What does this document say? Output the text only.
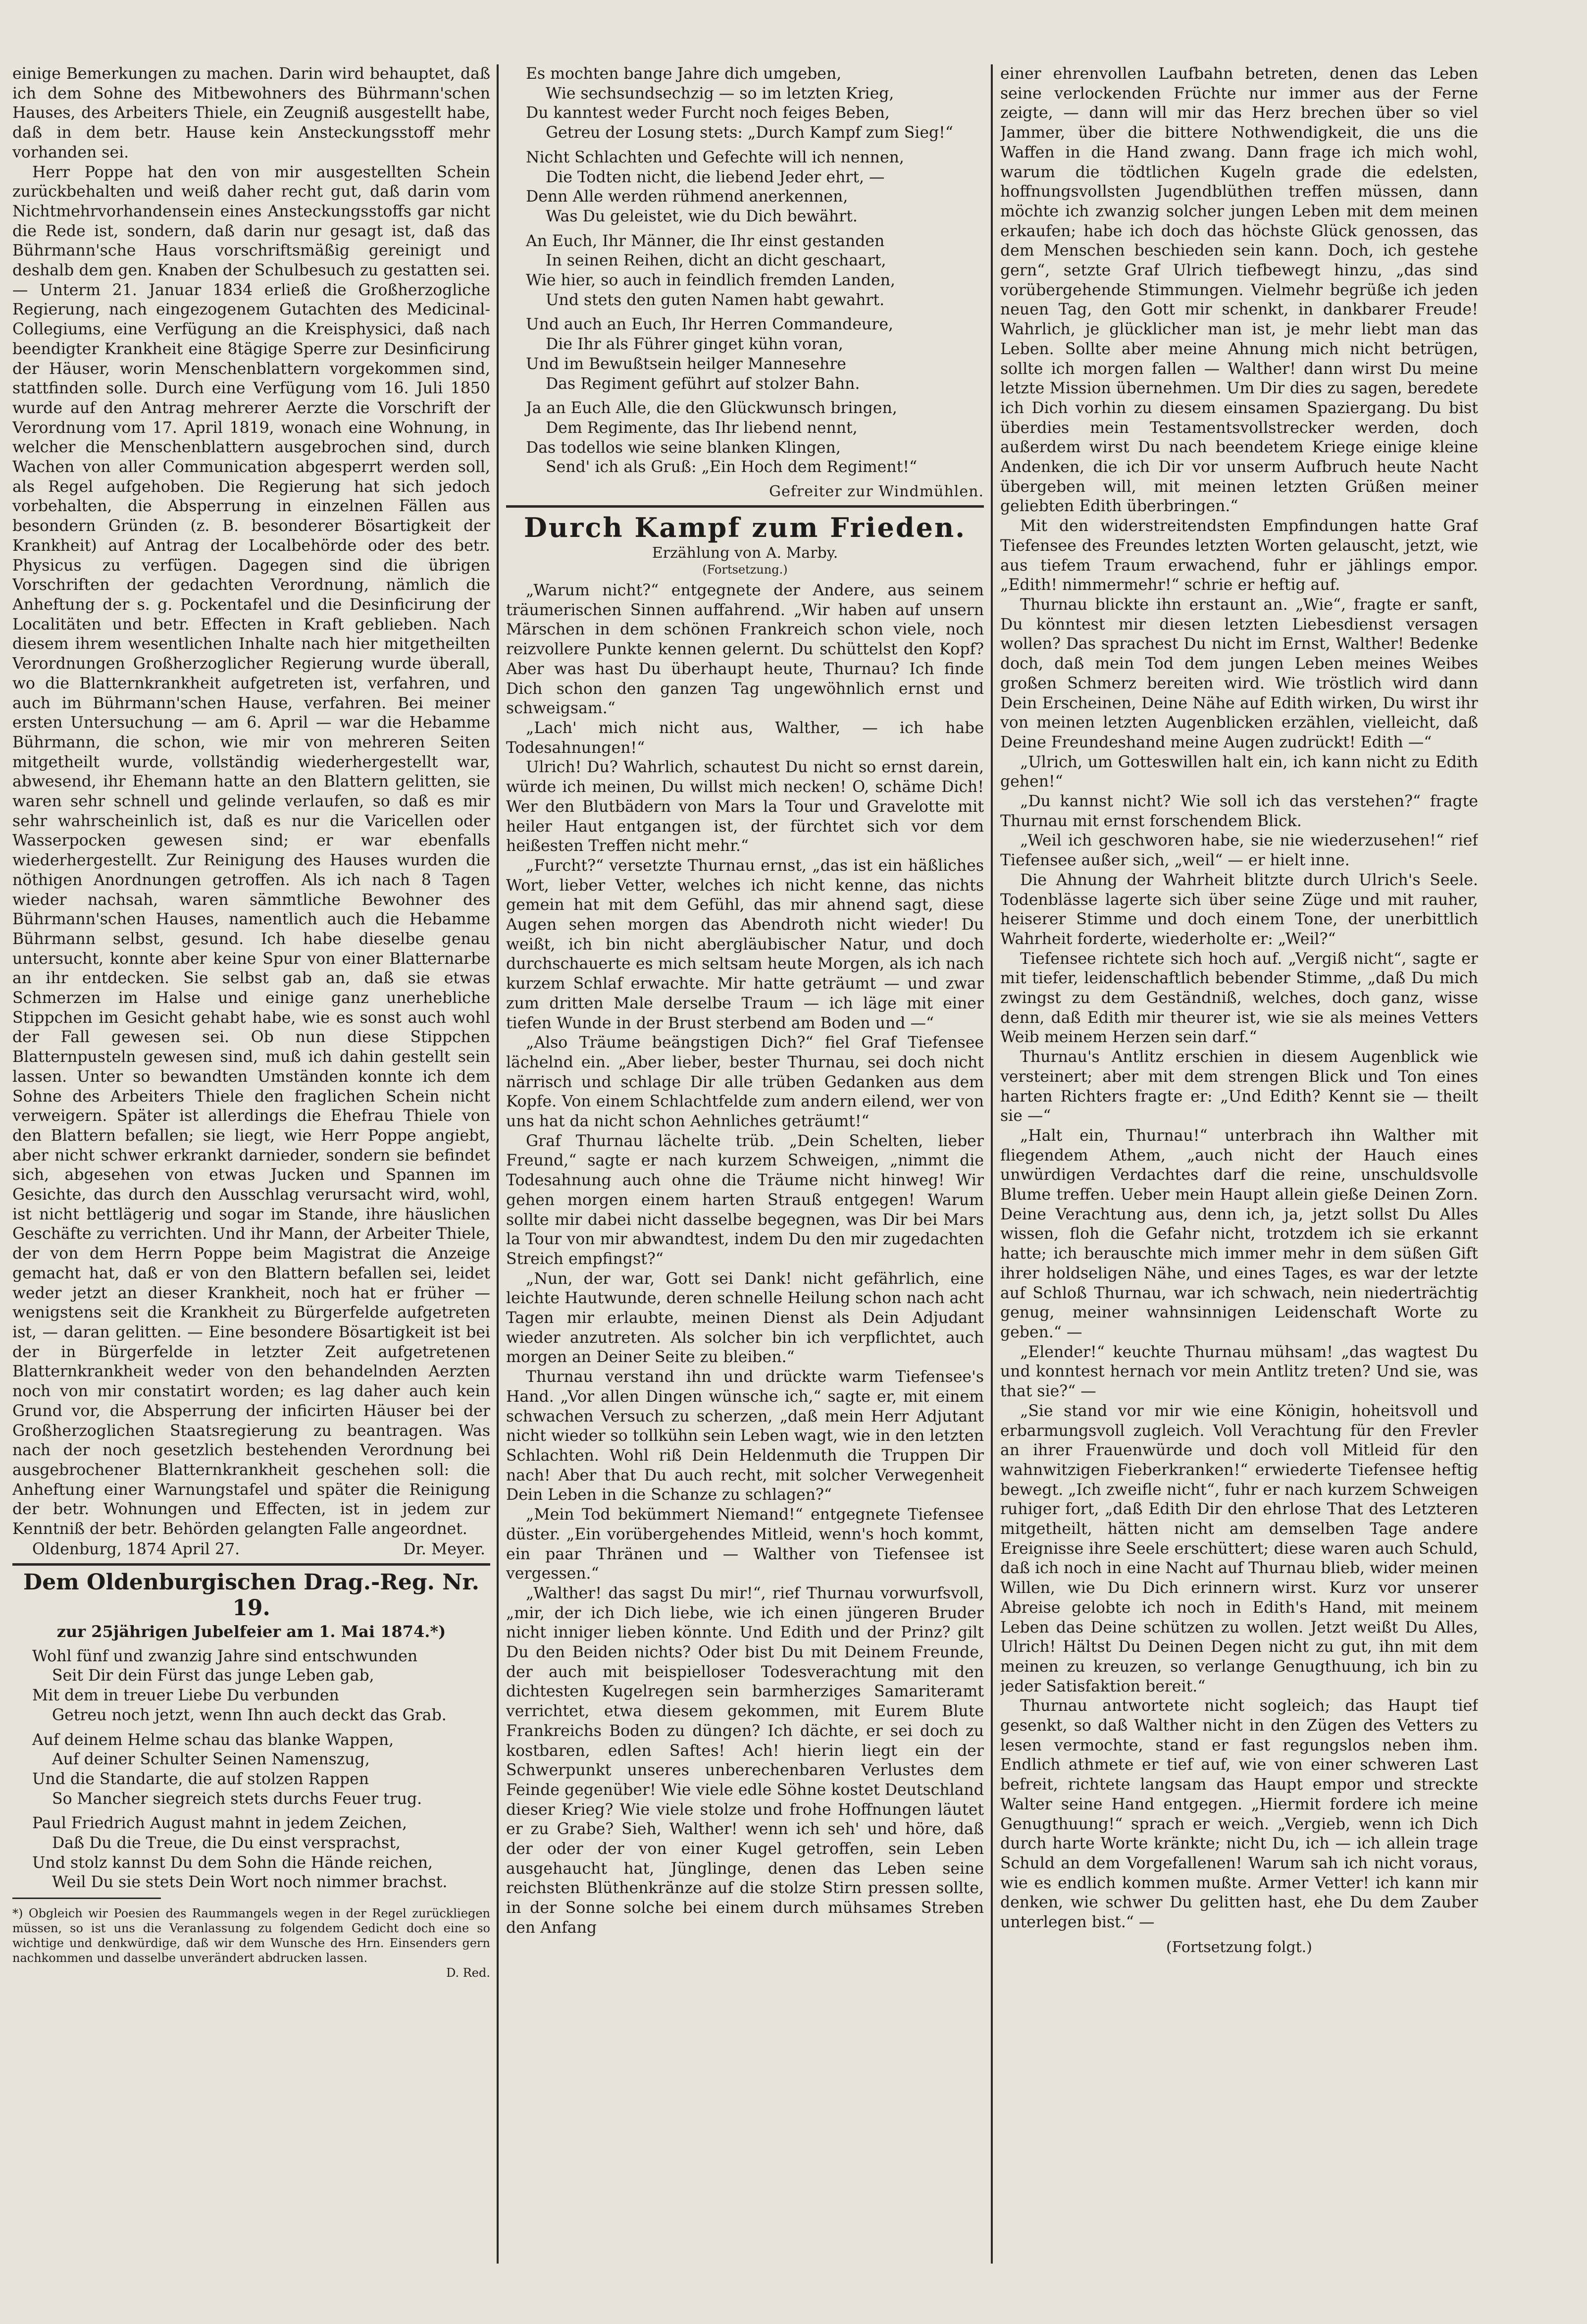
einige Bemerkungen zu machen. Darin wird behauptet, daß ich dem Sohne des Mitbewohners des Bührmann'schen Hauses, des Arbeiters Thiele, ein Zeugniß ausgestellt habe, daß in dem betr. Hause kein Ansteckungsstoff mehr vorhanden sei.

Herr Poppe hat den von mir ausgestellten Schein zurückbehalten und weiß daher recht gut, daß darin vom Nichtmehrvorhandensein eines Ansteckungsstoffs gar nicht die Rede ist, sondern, daß darin nur gesagt ist, daß das Bührmann'sche Haus vorschriftsmäßig gereinigt und deshalb dem gen. Knaben der Schulbesuch zu gestatten sei. — Unterm 21. Januar 1834 erließ die Großherzogliche Regierung, nach eingezogenem Gutachten des Medicinal-Collegiums, eine Verfügung an die Kreisphysici, daß nach beendigter Krankheit eine 8tägige Sperre zur Desinficirung der Häuser, worin Menschenblattern vorgekommen sind, stattfinden solle. Durch eine Verfügung vom 16. Juli 1850 wurde auf den Antrag mehrerer Aerzte die Vorschrift der Verordnung vom 17. April 1819, wonach eine Wohnung, in welcher die Menschenblattern ausgebrochen sind, durch Wachen von aller Communication abgesperrt werden soll, als Regel aufgehoben. Die Regierung hat sich jedoch vorbehalten, die Absperrung in einzelnen Fällen aus besondern Gründen (z. B. besonderer Bösartigkeit der Krankheit) auf Antrag der Localbehörde oder des betr. Physicus zu verfügen. Dagegen sind die übrigen Vorschriften der gedachten Verordnung, nämlich die Anheftung der s. g. Pockentafel und die Desinficirung der Localitäten und betr. Effecten in Kraft geblieben. Nach diesem ihrem wesentlichen Inhalte nach hier mitgetheilten Verordnungen Großherzoglicher Regierung wurde überall, wo die Blatternkrankheit aufgetreten ist, verfahren, und auch im Bührmann'schen Hause, verfahren. Bei meiner ersten Untersuchung — am 6. April — war die Hebamme Bührmann, die schon, wie mir von mehreren Seiten mitgetheilt wurde, vollständig wiederhergestellt war, abwesend, ihr Ehemann hatte an den Blattern gelitten, sie waren sehr schnell und gelinde verlaufen, so daß es mir sehr wahrscheinlich ist, daß es nur die Varicellen oder Wasserpocken gewesen sind; er war ebenfalls wiederhergestellt. Zur Reinigung des Hauses wurden die nöthigen Anordnungen getroffen. Als ich nach 8 Tagen wieder nachsah, waren sämmtliche Bewohner des Bührmann'schen Hauses, namentlich auch die Hebamme Bührmann selbst, gesund. Ich habe dieselbe genau untersucht, konnte aber keine Spur von einer Blatternarbe an ihr entdecken. Sie selbst gab an, daß sie etwas Schmerzen im Halse und einige ganz unerhebliche Stippchen im Gesicht gehabt habe, wie es sonst auch wohl der Fall gewesen sei. Ob nun diese Stippchen Blatternpusteln gewesen sind, muß ich dahin gestellt sein lassen. Unter so bewandten Umständen konnte ich dem Sohne des Arbeiters Thiele den fraglichen Schein nicht verweigern. Später ist allerdings die Ehefrau Thiele von den Blattern befallen; sie liegt, wie Herr Poppe angiebt, aber nicht schwer erkrankt darnieder, sondern sie befindet sich, abgesehen von etwas Jucken und Spannen im Gesichte, das durch den Ausschlag verursacht wird, wohl, ist nicht bettlägerig und sogar im Stande, ihre häuslichen Geschäfte zu verrichten. Und ihr Mann, der Arbeiter Thiele, der von dem Herrn Poppe beim Magistrat die Anzeige gemacht hat, daß er von den Blattern befallen sei, leidet weder jetzt an dieser Krankheit, noch hat er früher — wenigstens seit die Krankheit zu Bürgerfelde aufgetreten ist, — daran gelitten. — Eine besondere Bösartigkeit ist bei der in Bürgerfelde in letzter Zeit aufgetretenen Blatternkrankheit weder von den behandelnden Aerzten noch von mir constatirt worden; es lag daher auch kein Grund vor, die Absperrung der inficirten Häuser bei der Großherzoglichen Staatsregierung zu beantragen. Was nach der noch gesetzlich bestehenden Verordnung bei ausgebrochener Blatternkrankheit geschehen soll: die Anheftung einer Warnungstafel und später die Reinigung der betr. Wohnungen und Effecten, ist in jedem zur Kenntniß der betr. Behörden gelangten Falle angeordnet.

Oldenburg, 1874 April 27.	Dr. Meyer.

Dem Oldenburgischen Drag.-Reg. Nr. 19.

zur 25jährigen Jubelfeier am 1. Mai 1874.*)

Wohl fünf und zwanzig Jahre sind entschwunden

Seit Dir dein Fürst das junge Leben gab,

Mit dem in treuer Liebe Du verbunden

Getreu noch jetzt, wenn Ihn auch deckt das Grab.

Auf deinem Helme schau das blanke Wappen,

Auf deiner Schulter Seinen Namenszug,

Und die Standarte, die auf stolzen Rappen

So Mancher siegreich stets durchs Feuer trug.

Paul Friedrich August mahnt in jedem Zeichen,

Daß Du die Treue, die Du einst versprachst,

Und stolz kannst Du dem Sohn die Hände reichen,

Weil Du sie stets Dein Wort noch nimmer brachst.

*) Obgleich wir Poesien des Raummangels wegen in der Regel zurückliegen müssen, so ist uns die Veranlassung zu folgendem Gedicht doch eine so wichtige und denkwürdige, daß wir dem Wunsche des Hrn. Einsenders gern nachkommen und dasselbe unverändert abdrucken lassen.
D. Red.

Es mochten bange Jahre dich umgeben,

Wie sechsundsechzig — so im letzten Krieg,

Du kanntest weder Furcht noch feiges Beben,

Getreu der Losung stets: „Durch Kampf zum Sieg!“

Nicht Schlachten und Gefechte will ich nennen,

Die Todten nicht, die liebend Jeder ehrt, —

Denn Alle werden rühmend anerkennen,

Was Du geleistet, wie du Dich bewährt.

An Euch, Ihr Männer, die Ihr einst gestanden

In seinen Reihen, dicht an dicht geschaart,

Wie hier, so auch in feindlich fremden Landen,

Und stets den guten Namen habt gewahrt.

Und auch an Euch, Ihr Herren Commandeure,

Die Ihr als Führer ginget kühn voran,

Und im Bewußtsein heilger Mannesehre

Das Regiment geführt auf stolzer Bahn.

Ja an Euch Alle, die den Glückwunsch bringen,

Dem Regimente, das Ihr liebend nennt,

Das todellos wie seine blanken Klingen,

Send' ich als Gruß: „Ein Hoch dem Regiment!“

Gefreiter zur Windmühlen.

Durch Kampf zum Frieden.

Erzählung von A. Marby.

(Fortsetzung.)

„Warum nicht?“ entgegnete der Andere, aus seinem träumerischen Sinnen auffahrend. „Wir haben auf unsern Märschen in dem schönen Frankreich schon viele, noch reizvollere Punkte kennen gelernt. Du schüttelst den Kopf? Aber was hast Du überhaupt heute, Thurnau? Ich finde Dich schon den ganzen Tag ungewöhnlich ernst und schweigsam.“

„Lach' mich nicht aus, Walther, — ich habe Todesahnungen!“

Ulrich! Du? Wahrlich, schautest Du nicht so ernst darein, würde ich meinen, Du willst mich necken! O, schäme Dich! Wer den Blutbädern von Mars la Tour und Gravelotte mit heiler Haut entgangen ist, der fürchtet sich vor dem heißesten Treffen nicht mehr.“

„Furcht?“ versetzte Thurnau ernst, „das ist ein häßliches Wort, lieber Vetter, welches ich nicht kenne, das nichts gemein hat mit dem Gefühl, das mir ahnend sagt, diese Augen sehen morgen das Abendroth nicht wieder! Du weißt, ich bin nicht abergläubischer Natur, und doch durchschauerte es mich seltsam heute Morgen, als ich nach kurzem Schlaf erwachte. Mir hatte geträumt — und zwar zum dritten Male derselbe Traum — ich läge mit einer tiefen Wunde in der Brust sterbend am Boden und —“

„Also Träume beängstigen Dich?“ fiel Graf Tiefensee lächelnd ein. „Aber lieber, bester Thurnau, sei doch nicht närrisch und schlage Dir alle trüben Gedanken aus dem Kopfe. Von einem Schlachtfelde zum andern eilend, wer von uns hat da nicht schon Aehnliches geträumt!“

Graf Thurnau lächelte trüb. „Dein Schelten, lieber Freund,“ sagte er nach kurzem Schweigen, „nimmt die Todesahnung auch ohne die Träume nicht hinweg! Wir gehen morgen einem harten Strauß entgegen! Warum sollte mir dabei nicht dasselbe begegnen, was Dir bei Mars la Tour von mir abwandtest, indem Du den mir zugedachten Streich empfingst?“

„Nun, der war, Gott sei Dank! nicht gefährlich, eine leichte Hautwunde, deren schnelle Heilung schon nach acht Tagen mir erlaubte, meinen Dienst als Dein Adjudant wieder anzutreten. Als solcher bin ich verpflichtet, auch morgen an Deiner Seite zu bleiben.“

Thurnau verstand ihn und drückte warm Tiefensee's Hand. „Vor allen Dingen wünsche ich,“ sagte er, mit einem schwachen Versuch zu scherzen, „daß mein Herr Adjutant nicht wieder so tollkühn sein Leben wagt, wie in den letzten Schlachten. Wohl riß Dein Heldenmuth die Truppen Dir nach! Aber that Du auch recht, mit solcher Verwegenheit Dein Leben in die Schanze zu schlagen?“

„Mein Tod bekümmert Niemand!“ entgegnete Tiefensee düster. „Ein vorübergehendes Mitleid, wenn's hoch kommt, ein paar Thränen und — Walther von Tiefensee ist vergessen.“

„Walther! das sagst Du mir!“, rief Thurnau vorwurfsvoll, „mir, der ich Dich liebe, wie ich einen jüngeren Bruder nicht inniger lieben könnte. Und Edith und der Prinz? gilt Du den Beiden nichts? Oder bist Du mit Deinem Freunde, der auch mit beispielloser Todesverachtung mit den dichtesten Kugelregen sein barmherziges Samariteramt verrichtet, etwa diesem gekommen, mit Eurem Blute Frankreichs Boden zu düngen? Ich dächte, er sei doch zu kostbaren, edlen Saftes! Ach! hierin liegt ein der Schwerpunkt unseres unberechenbaren Verlustes dem Feinde gegenüber! Wie viele edle Söhne kostet Deutschland dieser Krieg? Wie viele stolze und frohe Hoffnungen läutet er zu Grabe? Sieh, Walther! wenn ich seh' und höre, daß der oder der von einer Kugel getroffen, sein Leben ausgehaucht hat, Jünglinge, denen das Leben seine reichsten Blüthenkränze auf die stolze Stirn pressen sollte, in der Sonne solche bei einem durch mühsames Streben den Anfang

einer ehrenvollen Laufbahn betreten, denen das Leben seine verlockenden Früchte nur immer aus der Ferne zeigte, — dann will mir das Herz brechen über so viel Jammer, über die bittere Nothwendigkeit, die uns die Waffen in die Hand zwang. Dann frage ich mich wohl, warum die tödtlichen Kugeln grade die edelsten, hoffnungsvollsten Jugendblüthen treffen müssen, dann möchte ich zwanzig solcher jungen Leben mit dem meinen erkaufen; habe ich doch das höchste Glück genossen, das dem Menschen beschieden sein kann. Doch, ich gestehe gern“, setzte Graf Ulrich tiefbewegt hinzu, „das sind vorübergehende Stimmungen. Vielmehr begrüße ich jeden neuen Tag, den Gott mir schenkt, in dankbarer Freude! Wahrlich, je glücklicher man ist, je mehr liebt man das Leben. Sollte aber meine Ahnung mich nicht betrügen, sollte ich morgen fallen — Walther! dann wirst Du meine letzte Mission übernehmen. Um Dir dies zu sagen, beredete ich Dich vorhin zu diesem einsamen Spaziergang. Du bist überdies mein Testamentsvollstrecker werden, doch außerdem wirst Du nach beendetem Kriege einige kleine Andenken, die ich Dir vor unserm Aufbruch heute Nacht übergeben will, mit meinen letzten Grüßen meiner geliebten Edith überbringen.“

Mit den widerstreitendsten Empfindungen hatte Graf Tiefensee des Freundes letzten Worten gelauscht, jetzt, wie aus tiefem Traum erwachend, fuhr er jählings empor. „Edith! nimmermehr!“ schrie er heftig auf.

Thurnau blickte ihn erstaunt an. „Wie“, fragte er sanft, Du könntest mir diesen letzten Liebesdienst versagen wollen? Das sprachest Du nicht im Ernst, Walther! Bedenke doch, daß mein Tod dem jungen Leben meines Weibes großen Schmerz bereiten wird. Wie tröstlich wird dann Dein Erscheinen, Deine Nähe auf Edith wirken, Du wirst ihr von meinen letzten Augenblicken erzählen, vielleicht, daß Deine Freundeshand meine Augen zudrückt! Edith —“

„Ulrich, um Gotteswillen halt ein, ich kann nicht zu Edith gehen!“

„Du kannst nicht? Wie soll ich das verstehen?“ fragte Thurnau mit ernst forschendem Blick.

„Weil ich geschworen habe, sie nie wiederzusehen!“ rief Tiefensee außer sich, „weil“ — er hielt inne.

Die Ahnung der Wahrheit blitzte durch Ulrich's Seele. Todenblässe lagerte sich über seine Züge und mit rauher, heiserer Stimme und doch einem Tone, der unerbittlich Wahrheit forderte, wiederholte er: „Weil?“

Tiefensee richtete sich hoch auf. „Vergiß nicht“, sagte er mit tiefer, leidenschaftlich bebender Stimme, „daß Du mich zwingst zu dem Geständniß, welches, doch ganz, wisse denn, daß Edith mir theurer ist, wie sie als meines Vetters Weib meinem Herzen sein darf.“

Thurnau's Antlitz erschien in diesem Augenblick wie versteinert; aber mit dem strengen Blick und Ton eines harten Richters fragte er: „Und Edith? Kennt sie — theilt sie —“

„Halt ein, Thurnau!“ unterbrach ihn Walther mit fliegendem Athem, „auch nicht der Hauch eines unwürdigen Verdachtes darf die reine, unschuldsvolle Blume treffen. Ueber mein Haupt allein gieße Deinen Zorn. Deine Verachtung aus, denn ich, ja, jetzt sollst Du Alles wissen, floh die Gefahr nicht, trotzdem ich sie erkannt hatte; ich berauschte mich immer mehr in dem süßen Gift ihrer holdseligen Nähe, und eines Tages, es war der letzte auf Schloß Thurnau, war ich schwach, nein niederträchtig genug, meiner wahnsinnigen Leidenschaft Worte zu geben.“ —

„Elender!“ keuchte Thurnau mühsam! „das wagtest Du und konntest hernach vor mein Antlitz treten? Und sie, was that sie?“ —

„Sie stand vor mir wie eine Königin, hoheitsvoll und erbarmungsvoll zugleich. Voll Verachtung für den Frevler an ihrer Frauenwürde und doch voll Mitleid für den wahnwitzigen Fieberkranken!“ erwiederte Tiefensee heftig bewegt. „Ich zweifle nicht“, fuhr er nach kurzem Schweigen ruhiger fort, „daß Edith Dir den ehrlose That des Letzteren mitgetheilt, hätten nicht am demselben Tage andere Ereignisse ihre Seele erschüttert; diese waren auch Schuld, daß ich noch in eine Nacht auf Thurnau blieb, wider meinen Willen, wie Du Dich erinnern wirst. Kurz vor unserer Abreise gelobte ich noch in Edith's Hand, mit meinem Leben das Deine schützen zu wollen. Jetzt weißt Du Alles, Ulrich! Hältst Du Deinen Degen nicht zu gut, ihn mit dem meinen zu kreuzen, so verlange Genugthuung, ich bin zu jeder Satisfaktion bereit.“

Thurnau antwortete nicht sogleich; das Haupt tief gesenkt, so daß Walther nicht in den Zügen des Vetters zu lesen vermochte, stand er fast regungslos neben ihm. Endlich athmete er tief auf, wie von einer schweren Last befreit, richtete langsam das Haupt empor und streckte Walter seine Hand entgegen. „Hiermit fordere ich meine Genugthuung!“ sprach er weich. „Vergieb, wenn ich Dich durch harte Worte kränkte; nicht Du, ich — ich allein trage Schuld an dem Vorgefallenen! Warum sah ich nicht voraus, wie es endlich kommen mußte. Armer Vetter! ich kann mir denken, wie schwer Du gelitten hast, ehe Du dem Zauber unterlegen bist.“ —

(Fortsetzung folgt.)
